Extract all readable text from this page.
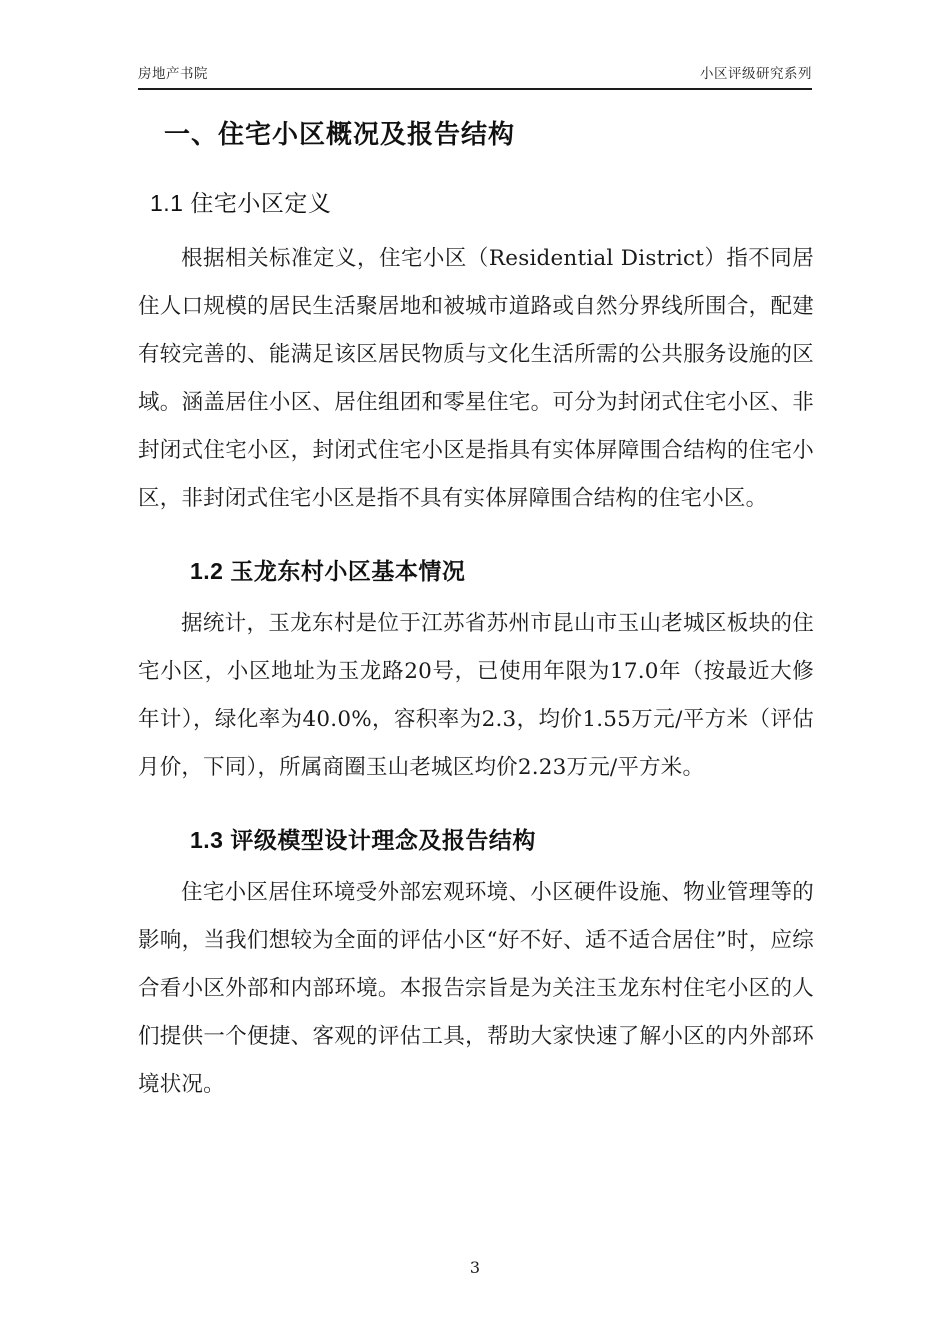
房地产书院	小区评级研究系列
一、住宅小区概况及报告结构
1.1 住宅小区定义

根据相关标准定义，住宅小区（Residential District）指不同居住人口规模的居民生活聚居地和被城市道路或自然分界线所围合，配建有较完善的、能满足该区居民物质与文化生活所需的公共服务设施的区域。涵盖居住小区、居住组团和零星住宅。可分为封闭式住宅小区、非封闭式住宅小区，封闭式住宅小区是指具有实体屏障围合结构的住宅小区，非封闭式住宅小区是指不具有实体屏障围合结构的住宅小区。

1.2 玉龙东村小区基本情况

据统计，玉龙东村是位于江苏省苏州市昆山市玉山老城区板块的住宅小区，小区地址为玉龙路20号，已使用年限为17.0年（按最近大修年计），绿化率为40.0%，容积率为2.3，均价1.55万元/平方米（评估月价，下同），所属商圈玉山老城区均价2.23万元/平方米。

1.3 评级模型设计理念及报告结构

住宅小区居住环境受外部宏观环境、小区硬件设施、物业管理等的影响，当我们想较为全面的评估小区“好不好、适不适合居住”时，应综合看小区外部和内部环境。本报告宗旨是为关注玉龙东村住宅小区的人们提供一个便捷、客观的评估工具，帮助大家快速了解小区的内外部环境状况。

3
